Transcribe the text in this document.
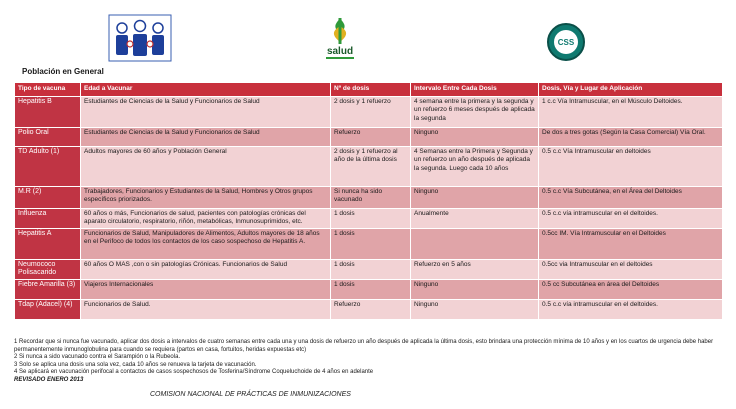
salud
CSS
Población en General
Tipo de vacuna	Edad a Vacunar	Nº de dosis	Intervalo Entre Cada Dosis	Dosis, Vía y Lugar de Aplicación
Hepatitis B	Estudiantes de Ciencias de la Salud y Funcionarios de Salud	2 dosis y 1 refuerzo	4 semana entre la primera y la segunda y un refuerzo 6 meses después de aplicada la segunda	1 c.c Vía Intramuscular, en el Músculo Deltoides.
Polio Oral	Estudiantes de Ciencias de la Salud y Funcionarios de Salud	Refuerzo	Ninguno	De dos a tres gotas (Según la Casa Comercial) Vía Oral.
TD Adulto (1)	Adultos mayores de 60 años y Población General	2 dosis y 1 refuerzo al año de la última dosis	4 Semanas entre la Primera y Segunda y un refuerzo un año después de aplicada la segunda. Luego cada 10 años	0.5 c.c Vía Intramuscular en deltoides
M.R (2)	Trabajadores, Funcionarios y Estudiantes de la Salud, Hombres y Otros grupos específicos priorizados.	Si nunca ha sido vacunado	Ninguno	0.5 c.c Vía Subcutánea, en el Área del Deltoides
Influenza	60 años o más, Funcionarios de salud, pacientes con patologías crónicas del aparato circulatorio, respiratorio, riñón, metabólicas, Inmunosuprimidos, etc.	1 dosis	Anualmente	0.5 c.c vía intramuscular en el deltoides.
Hepatitis A	Funcionarios de Salud, Manipuladores de Alimentos, Adultos mayores de 18 años en el Perifoco de todos los contactos de los caso sospechoso de Hepatitis A.	1 dosis		0.5cc IM. Vía Intramuscular en el Deltoides
Neumococo Polisacarido	60 años O MAS ,con o sin patologías Crónicas. Funcionarios de Salud	1 dosis	Refuerzo en 5 años	0.5cc via Intramuscular en el deltoides
Fiebre Amarilla (3)	Viajeros Internacionales	1 dosis	Ninguno	0.5 cc Subcutánea en área del Deltoides
Tdap (Adacel) (4)	Funcionarios de Salud.	Refuerzo	Ninguno	0.5 c.c vía intramuscular en el deltoides.
1 Recordar que si nunca fue vacunado, aplicar dos dosis a intervalos de cuatro semanas entre cada una y una dosis de refuerzo un año después de aplicada la última dosis, esto brindara una protección mínima de 10 años y en los cuartos de urgencia debe haber permanentemente inmunoglobulina para cuando se requiera (partos en casa, fortuitos, heridas expuestas etc)
2 Si nunca a sido vacunado contra el Sarampión o la Rubeola.
3 Solo se aplica una dosis una sola vez, cada 10 años se renueva la tarjeta de vacunación.
4 Se aplicará en vacunación perifocal a contactos de casos sospechosos de Tosferina/Síndrome Coqueluchoide de 4 años en adelante
REVISADO ENERO 2013
COMISION NACIONAL DE PRÁCTICAS DE INMUNIZACIONES
